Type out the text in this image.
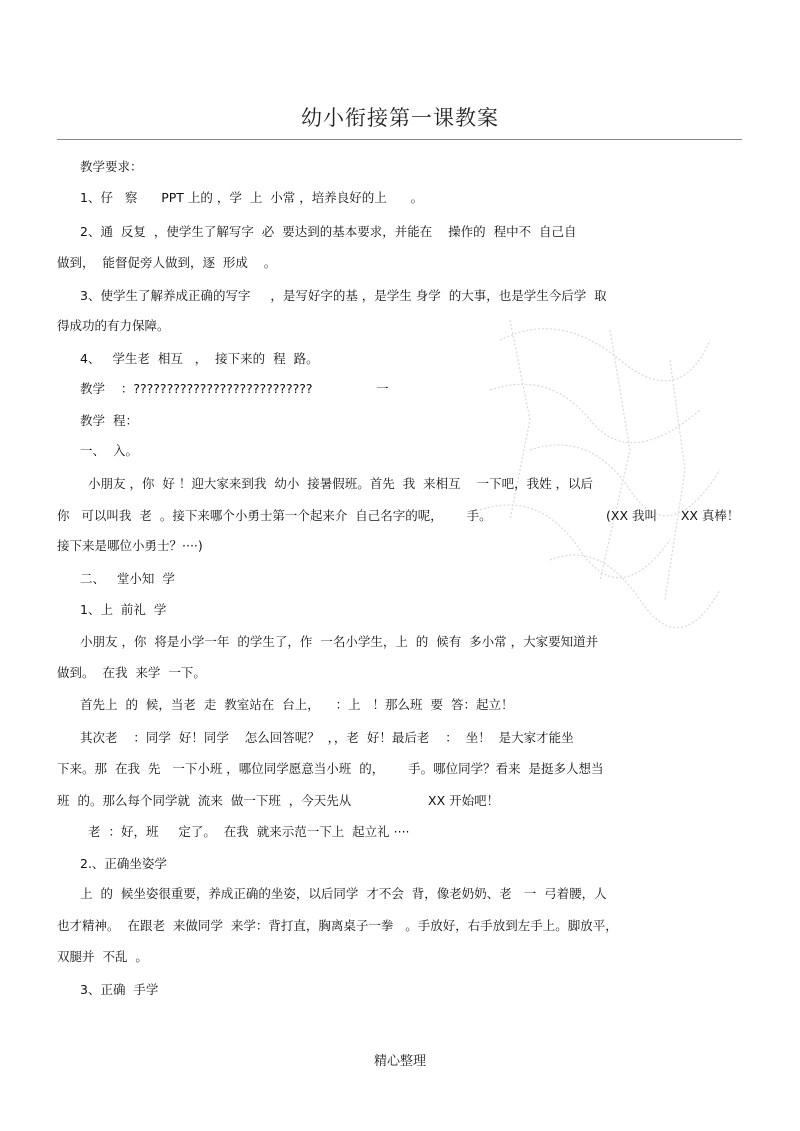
幼小衔接第一课教案
教学要求：
1、仔   察      PPT 上的 ，学  上  小常 ，培养良好的上      。
2、通  反复  ，使学生了解写字  必  要达到的基本要求，并能在    操作的  程中不  自己自
做到，  能督促旁人做到，逐  形成    。
3、使学生了解养成正确的写字     ，是写好字的基 ，是学生 身学  的大事，也是学生今后学  取
得成功的有力保障。
4、   学生老  相互   ，  接下来的  程  路。
教学    ：???????????????????????????                一
教学  程：
一、  入。
小朋友 ，你  好 ！迎大家来到我  幼小  接暑假班。首先  我  来相互    一下吧，我姓 ，以后
你   可以叫我  老  。接下来哪个小勇士第一个起来介  自己名字的呢，      手。	(XX 我叫      XX 真棒！
接下来是哪位小勇士？····)
二、   堂小知  学
1、上  前礼  学
小朋友 ，你  将是小学一年  的学生了，作  一名小学生，上  的  候有  多小常 ，大家要知道并
做到。  在我  来学  一下。
首先上  的  候，当老  走  教室站在  台上，    ：上   ！那么班  要  答：起立！
其次老    ：同学  好！同学    怎么回答呢？  ，，老  好！最后老    ：  坐！  是大家才能坐
下来。那  在我  先   一下小班 ，哪位同学愿意当小班  的，      手。哪位同学？看来  是挺多人想当
班  的。那么每个同学就  流来  做一下班  ，今天先从	XX 开始吧！
老  ：好，班     定了。  在我  就来示范一下上  起立礼 ····
2.、正确坐姿学
上  的  候坐姿很重要，养成正确的坐姿，以后同学  才不会  背，像老奶奶、老   一  弓着腰，人
也才精神。  在跟老  来做同学  来学：背打直，胸离桌子一拳   。手放好，右手放到左手上。脚放平，
双腿并  不乱  。
3、正确  手学
精心整理
